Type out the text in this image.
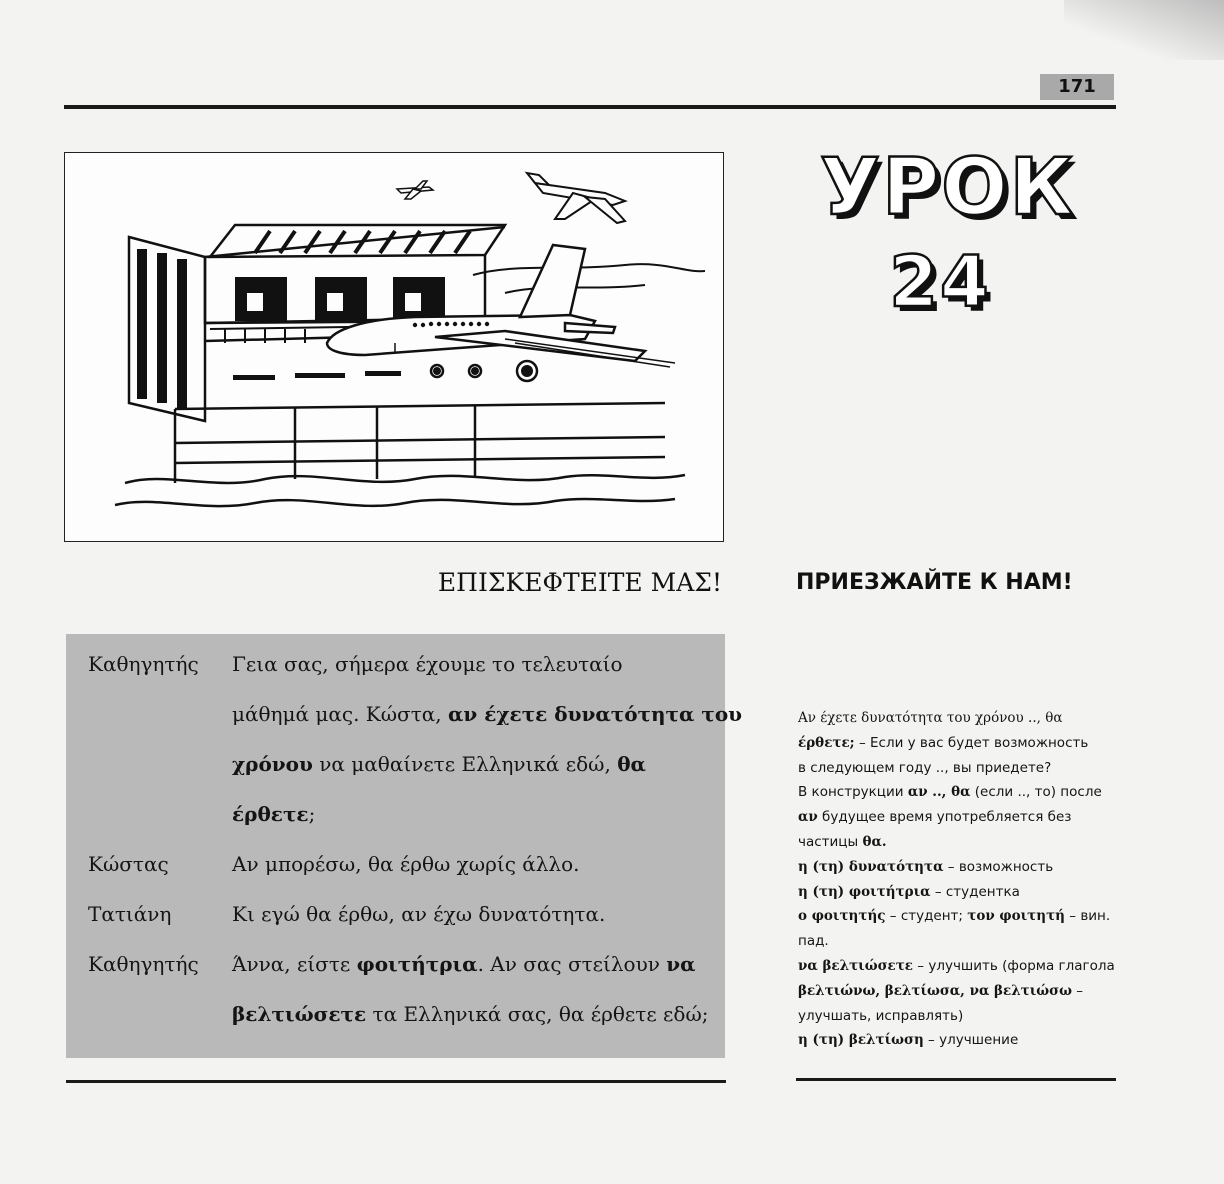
171
УРОК
24
ΕΠΙΣΚΕΦΤΕΙΤΕ ΜΑΣ!	ПРИЕЗЖАЙТЕ К НАМ!
Καθηγητής Γεια σας, σήμερα έχουμε το τελευταίο
μάθημά μας. Κώστα, αν έχετε δυνατότητα του
χρόνου να μαθαίνετε Ελληνικά εδώ, θα
έρθετε;
Κώστας	Αν μπορέσω, θα έρθω χωρίς άλλο.
Τατιάνη	Κι εγώ θα έρθω, αν έχω δυνατότητα.
Καθηγητής Άννα, είστε φοιτήτρια. Αν σας στείλουν να
βελτιώσετε τα Ελληνικά σας, θα έρθετε εδώ;
Αν έχετε δυνατότητα του χρόνου .., θα
έρθετε; – Если у вас будет возможность
в следующем году .., вы приедете?
В конструкции αν .., θα (если .., то) после
αν будущее время употребляется без
частицы θα.
η (τη) δυνατότητα – возможность
η (τη) φοιτήτρια – студентка
ο φοιτητής – студент; τον φοιτητή – вин.
пад.
να βελτιώσετε – улучшить (форма глагола
βελτιώνω, βελτίωσα, να βελτιώσω –
улучшать, исправлять)
η (τη) βελτίωση – улучшение
